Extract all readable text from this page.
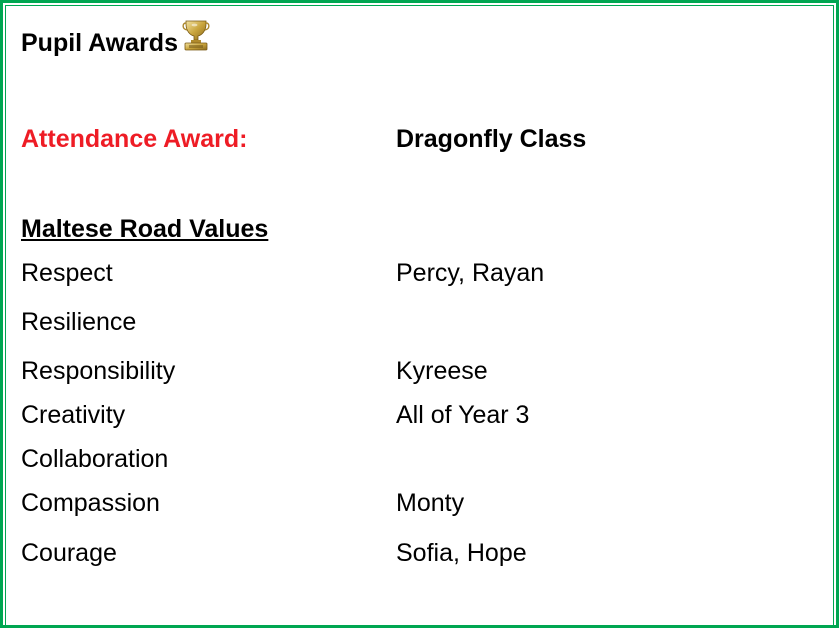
Pupil Awards
Attendance Award:	Dragonfly Class
Maltese Road Values
Respect	Percy, Rayan
Resilience
Responsibility	Kyreese
Creativity	All of Year 3
Collaboration
Compassion	Monty
Courage	Sofia, Hope
